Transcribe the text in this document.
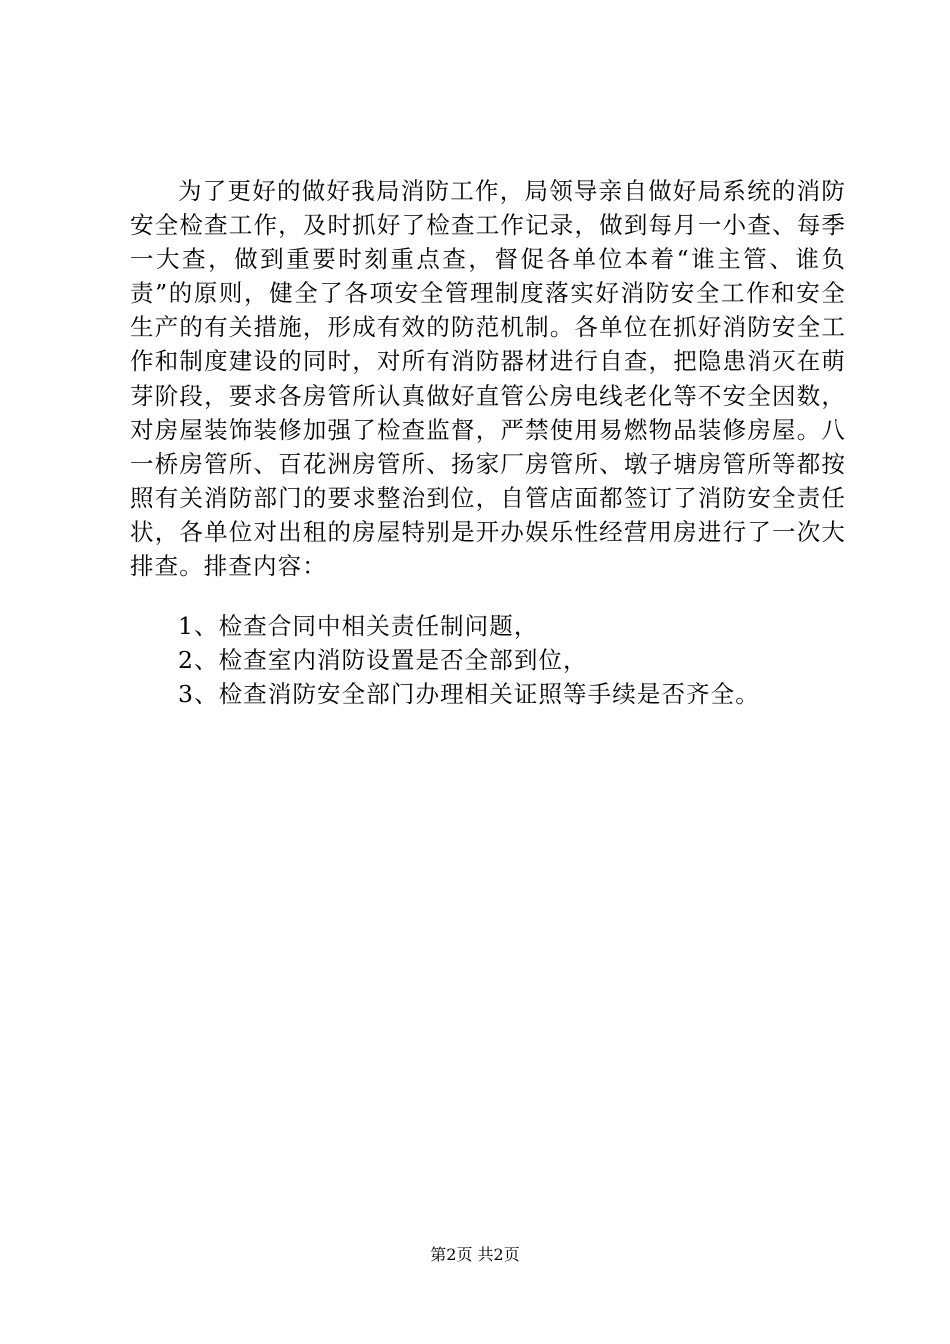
为了更好的做好我局消防工作，局领导亲自做好局系统的消防安全检查工作，及时抓好了检查工作记录，做到每月一小查、每季一大查，做到重要时刻重点查，督促各单位本着“谁主管、谁负责”的原则，健全了各项安全管理制度落实好消防安全工作和安全生产的有关措施，形成有效的防范机制。各单位在抓好消防安全工作和制度建设的同时，对所有消防器材进行自查，把隐患消灭在萌芽阶段，要求各房管所认真做好直管公房电线老化等不安全因数，对房屋装饰装修加强了检查监督，严禁使用易燃物品装修房屋。八一桥房管所、百花洲房管所、扬家厂房管所、墩子塘房管所等都按照有关消防部门的要求整治到位，自管店面都签订了消防安全责任状，各单位对出租的房屋特别是开办娱乐性经营用房进行了一次大排查。排查内容：

1、检查合同中相关责任制问题，
2、检查室内消防设置是否全部到位，
3、检查消防安全部门办理相关证照等手续是否齐全。
第2页 共2页
